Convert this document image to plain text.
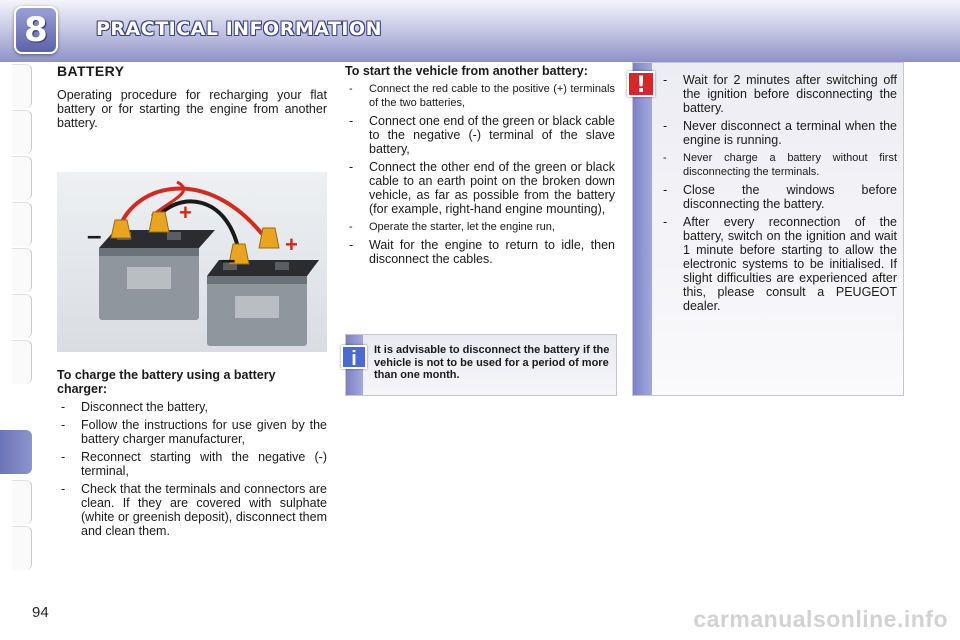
8	PRACTICAL INFORMATION
BATTERY
Operating procedure for recharging your flat battery or for starting the engine from another battery.
+
–	+
–
To charge the battery using a battery charger:
- Disconnect the battery,
- Follow the instructions for use given by the battery charger manufacturer,
- Reconnect starting with the negative (-) terminal,
- Check that the terminals and connectors are clean. If they are covered with sulphate (white or greenish deposit), disconnect them and clean them.
To start the vehicle from another battery:
- Connect the red cable to the positive (+) terminals of the two batteries,
- Connect one end of the green or black cable to the negative (-) terminal of the slave battery,
- Connect the other end of the green or black cable to an earth point on the broken down vehicle, as far as possible from the battery (for example, right-hand engine mounting),
- Operate the starter, let the engine run,
- Wait for the engine to return to idle, then disconnect the cables.
i	It is advisable to disconnect the battery if the vehicle is not to be used for a period of more than one month.
!
-	Wait for 2 minutes after switching off the ignition before disconnecting the battery.
- Never disconnect a terminal when the engine is running.
- Never charge a battery without first disconnecting the terminals.
- Close the windows before disconnecting the battery.
- After every reconnection of the battery, switch on the ignition and wait 1 minute before starting to allow the electronic systems to be initialised. If slight difficulties are experienced after this, please consult a PEUGEOT dealer.
94	carmanualsonline.info
